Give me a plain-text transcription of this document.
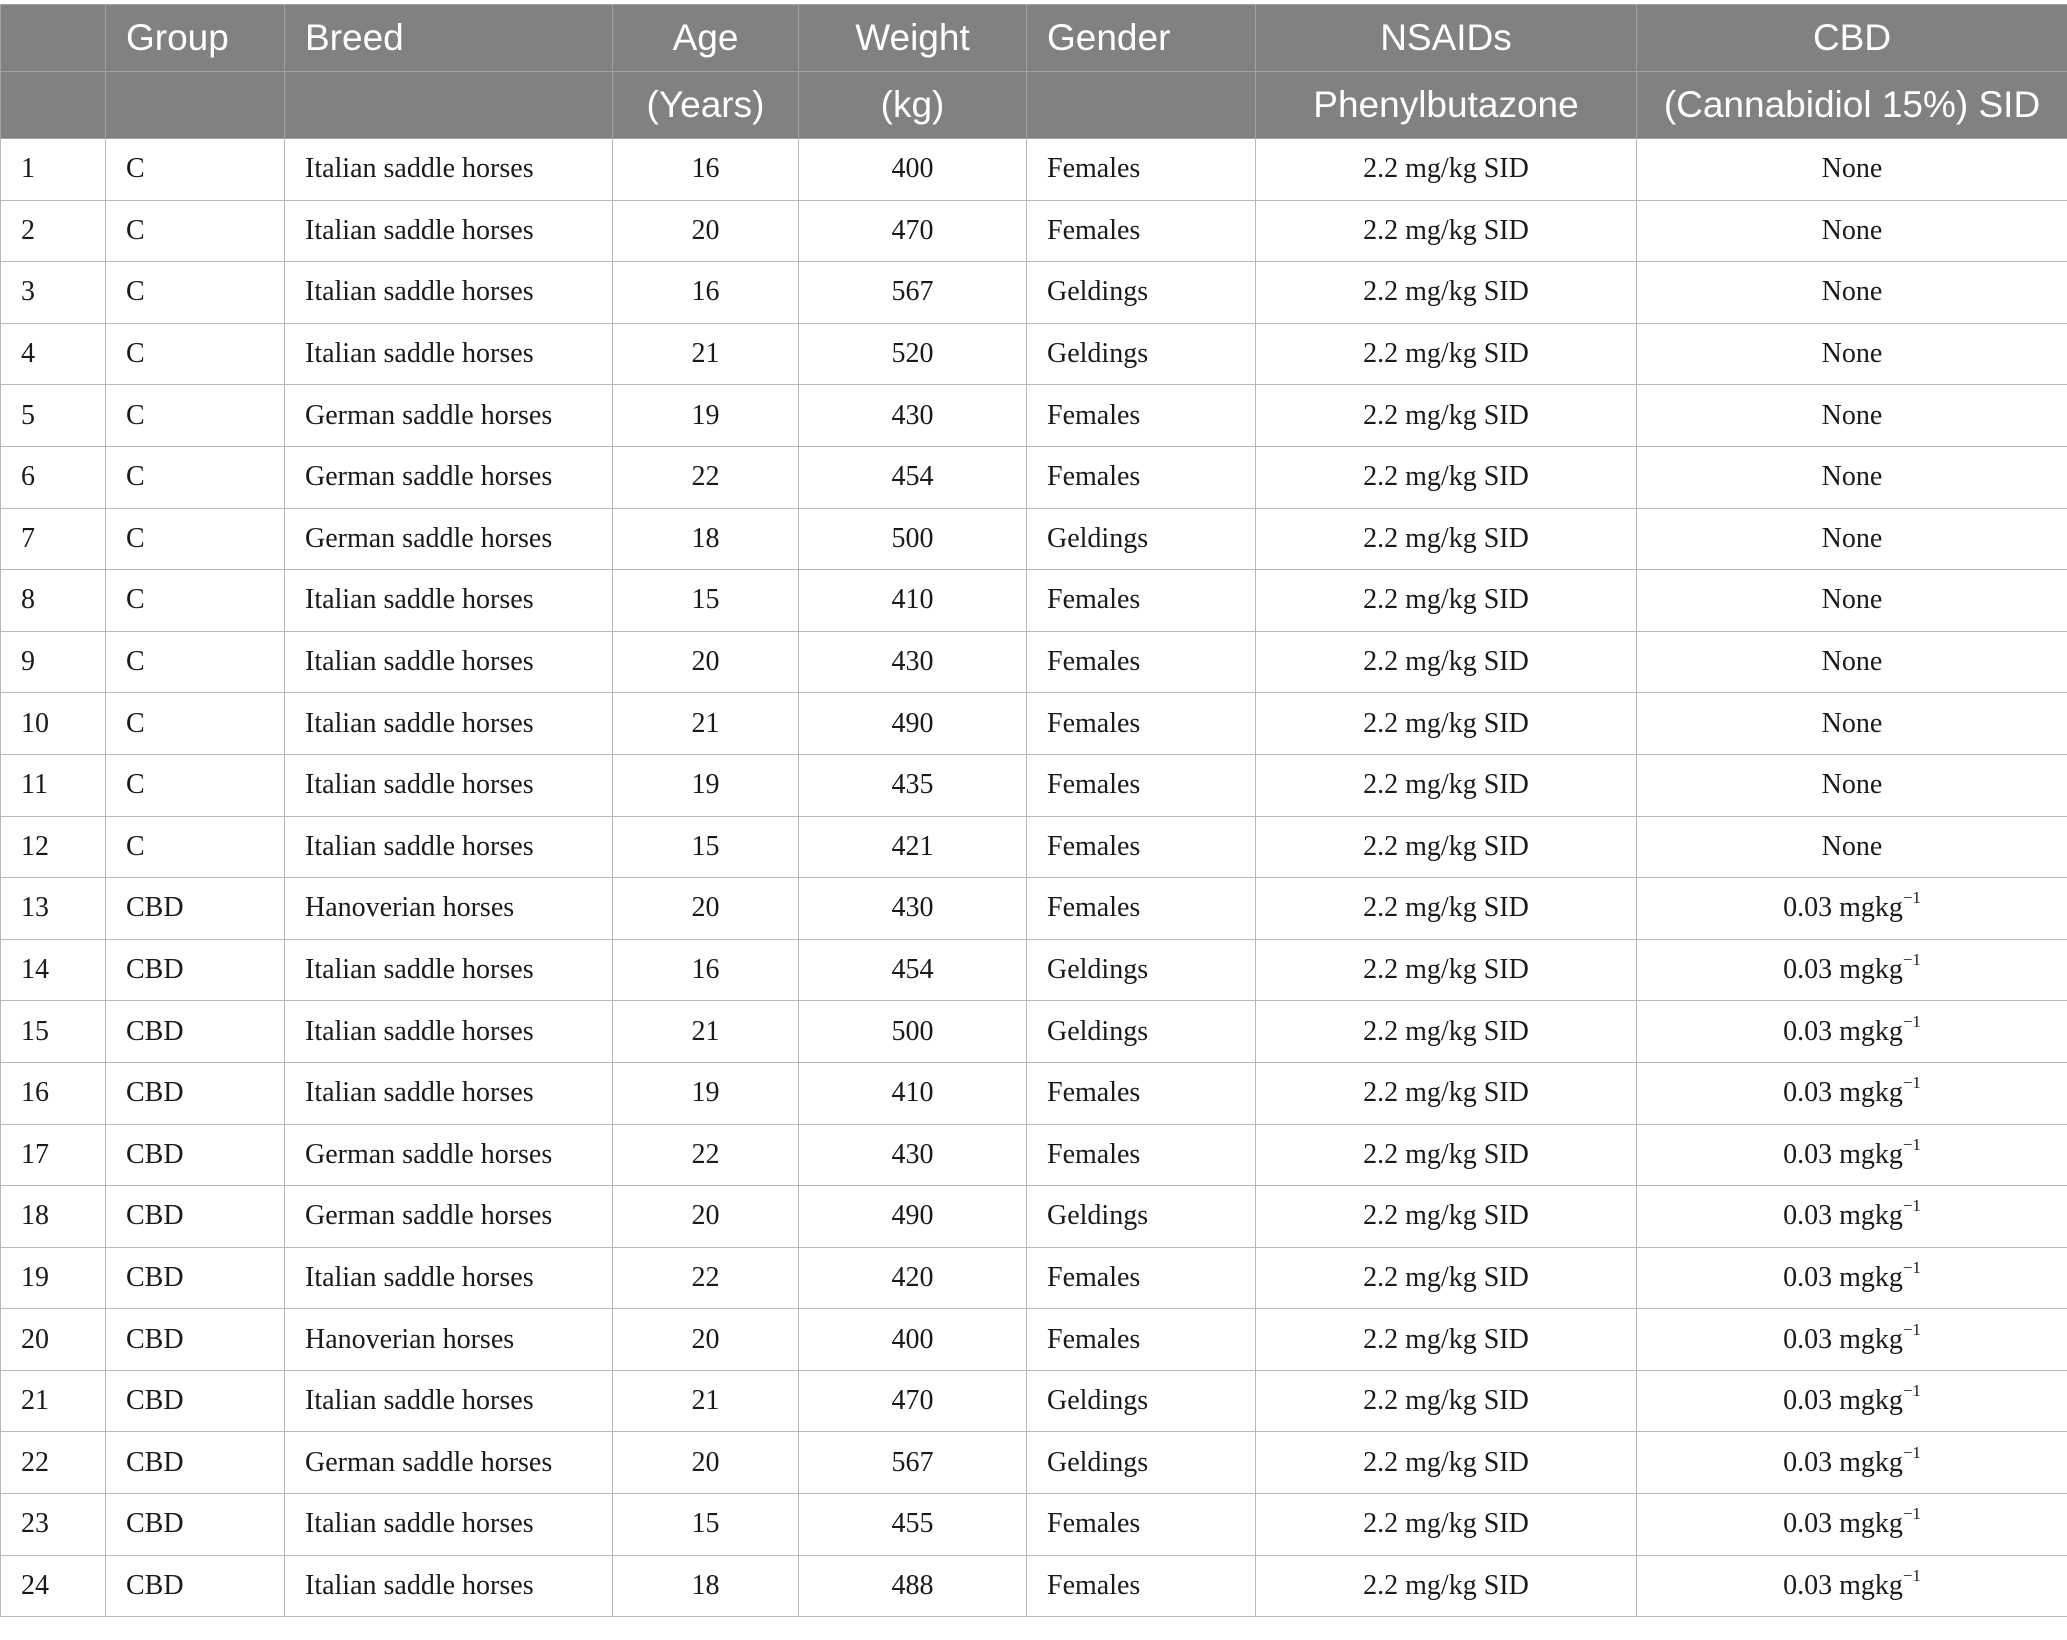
	Group	Breed	Age	Weight	Gender	NSAIDs	CBD
			(Years)	(kg)		Phenylbutazone	(Cannabidiol 15%) SID
1	C	Italian saddle horses	16	400	Females	2.2 mg/kg SID	None
2	C	Italian saddle horses	20	470	Females	2.2 mg/kg SID	None
3	C	Italian saddle horses	16	567	Geldings	2.2 mg/kg SID	None
4	C	Italian saddle horses	21	520	Geldings	2.2 mg/kg SID	None
5	C	German saddle horses	19	430	Females	2.2 mg/kg SID	None
6	C	German saddle horses	22	454	Females	2.2 mg/kg SID	None
7	C	German saddle horses	18	500	Geldings	2.2 mg/kg SID	None
8	C	Italian saddle horses	15	410	Females	2.2 mg/kg SID	None
9	C	Italian saddle horses	20	430	Females	2.2 mg/kg SID	None
10	C	Italian saddle horses	21	490	Females	2.2 mg/kg SID	None
11	C	Italian saddle horses	19	435	Females	2.2 mg/kg SID	None
12	C	Italian saddle horses	15	421	Females	2.2 mg/kg SID	None
13	CBD	Hanoverian horses	20	430	Females	2.2 mg/kg SID	0.03 mgkg$^{-1}$
14	CBD	Italian saddle horses	16	454	Geldings	2.2 mg/kg SID	0.03 mgkg$^{-1}$
15	CBD	Italian saddle horses	21	500	Geldings	2.2 mg/kg SID	0.03 mgkg$^{-1}$
16	CBD	Italian saddle horses	19	410	Females	2.2 mg/kg SID	0.03 mgkg$^{-1}$
17	CBD	German saddle horses	22	430	Females	2.2 mg/kg SID	0.03 mgkg$^{-1}$
18	CBD	German saddle horses	20	490	Geldings	2.2 mg/kg SID	0.03 mgkg$^{-1}$
19	CBD	Italian saddle horses	22	420	Females	2.2 mg/kg SID	0.03 mgkg$^{-1}$
20	CBD	Hanoverian horses	20	400	Females	2.2 mg/kg SID	0.03 mgkg$^{-1}$
21	CBD	Italian saddle horses	21	470	Geldings	2.2 mg/kg SID	0.03 mgkg$^{-1}$
22	CBD	German saddle horses	20	567	Geldings	2.2 mg/kg SID	0.03 mgkg$^{-1}$
23	CBD	Italian saddle horses	15	455	Females	2.2 mg/kg SID	0.03 mgkg$^{-1}$
24	CBD	Italian saddle horses	18	488	Females	2.2 mg/kg SID	0.03 mgkg$^{-1}$
